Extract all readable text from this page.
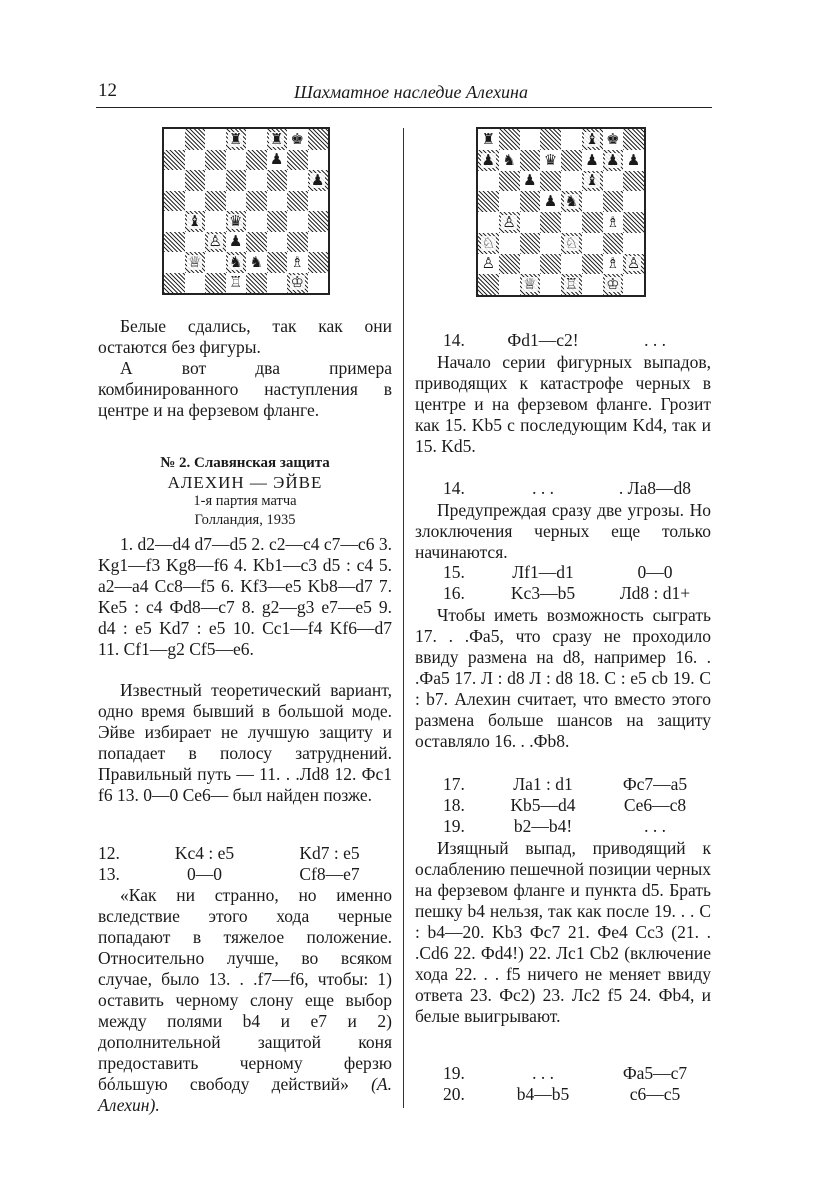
12	Шахматное наследие Алехина
♜ ♜ ♚
♟
♟
♝ ♛
♙ ♟
♕ ♞ ♞ ♗
♖	♔

Белые сдались, так как они остаются без фигуры.

А вот два примера комбинированного наступления в центре и на ферзевом фланге.

№ 2. Славянская защита
АЛЕХИН — ЭЙВЕ
1-я партия матча
Голландия, 1935

1. d2—d4 d7—d5 2. c2—c4 c7—c6 3. Kg1—f3 Kg8—f6 4. Kb1—c3 d5 : c4 5. a2—a4 Cc8—f5 6. Kf3—e5 Kb8—d7 7. Ke5 : c4 Фd8—c7 8. g2—g3 e7—e5 9. d4 : e5 Kd7 : e5 10. Cc1—f4 Kf6—d7 11. Cf1—g2 Cf5—e6.

Известный теоретический вариант, одно время бывший в большой моде. Эйве избирает не лучшую защиту и попадает в полосу затруднений. Правильный путь — 11. . .Лd8 12. Фc1 f6 13. 0—0 Ce6— был найден позже.

12.	Kc4 : e5	Kd7 : e5
13.	0—0	Cf8—e7

«Как ни странно, но именно вследствие этого хода черные попадают в тяжелое положение. Относительно лучше, во всяком случае, было 13. . .f7—f6, чтобы: 1) оставить черному слону еще выбор между полями b4 и e7 и 2) дополнительной защитой коня предоставить черному ферзю бóльшую свободу действий» (А. Алехин).

♜	♝ ♚
♟ ♞ ♛ ♟ ♟ ♟
♟	♝
♟ ♞
♙	♗
♘	♘
♙	♗ ♙
♕ ♖ ♔
14.	Фd1—c2!	. . .

Начало серии фигурных выпадов, приводящих к катастрофе черных в центре и на ферзевом фланге. Грозит как 15. Kb5 с последующим Kd4, так и 15. Kd5.

14.	. . .	. Лa8—d8

Предупреждая сразу две угрозы. Но злоключения черных еще только начинаются.

15.	Лf1—d1	0—0
16.	Kc3—b5	Лd8 : d1+

Чтобы иметь возможность сыграть 17. . .Фa5, что сразу не проходило ввиду размена на d8, например 16. . .Фa5 17. Л : d8 Л : d8 18. C : e5 cb 19. C : b7. Алехин считает, что вместо этого размена больше шансов на защиту оставляло 16. . .Фb8.

17.	Лa1 : d1	Фc7—a5
18.	Kb5—d4	Ce6—c8
19.	b2—b4!	. . .

Изящный выпад, приводящий к ослаблению пешечной позиции черных на ферзевом фланге и пункта d5. Брать пешку b4 нельзя, так как после 19. . . C : b4—20. Kb3 Фc7 21. Фe4 Cc3 (21. . .Cd6 22. Фd4!) 22. Лc1 Cb2 (включение хода 22. . . f5 ничего не меняет ввиду ответа 23. Фc2) 23. Лc2 f5 24. Фb4, и белые выигрывают.

19.	. . .	Фa5—c7
20.	b4—b5	c6—c5
